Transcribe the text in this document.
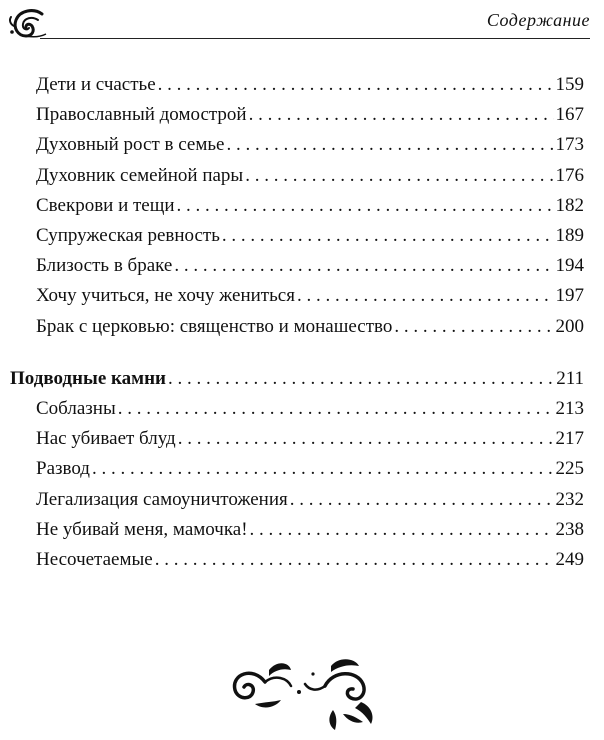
Содержание
Дети и счастье . . .	159
Православный домострой . . .	167
Духовный рост в семье . . .	173
Духовник семейной пары . . .	176
Свекрови и тещи . . .	182
Супружеская ревность . . .	189
Близость в браке . . .	194
Хочу учиться, не хочу жениться . . .	197
Брак с церковью: священство и монашество . . .	200
Подводные камни . . .	211
Соблазны . . .	213
Нас убивает блуд . . .	217
Развод . . .	225
Легализация самоуничтожения . . .	232
Не убивай меня, мамочка! . . .	238
Несочетаемые . . .	249
